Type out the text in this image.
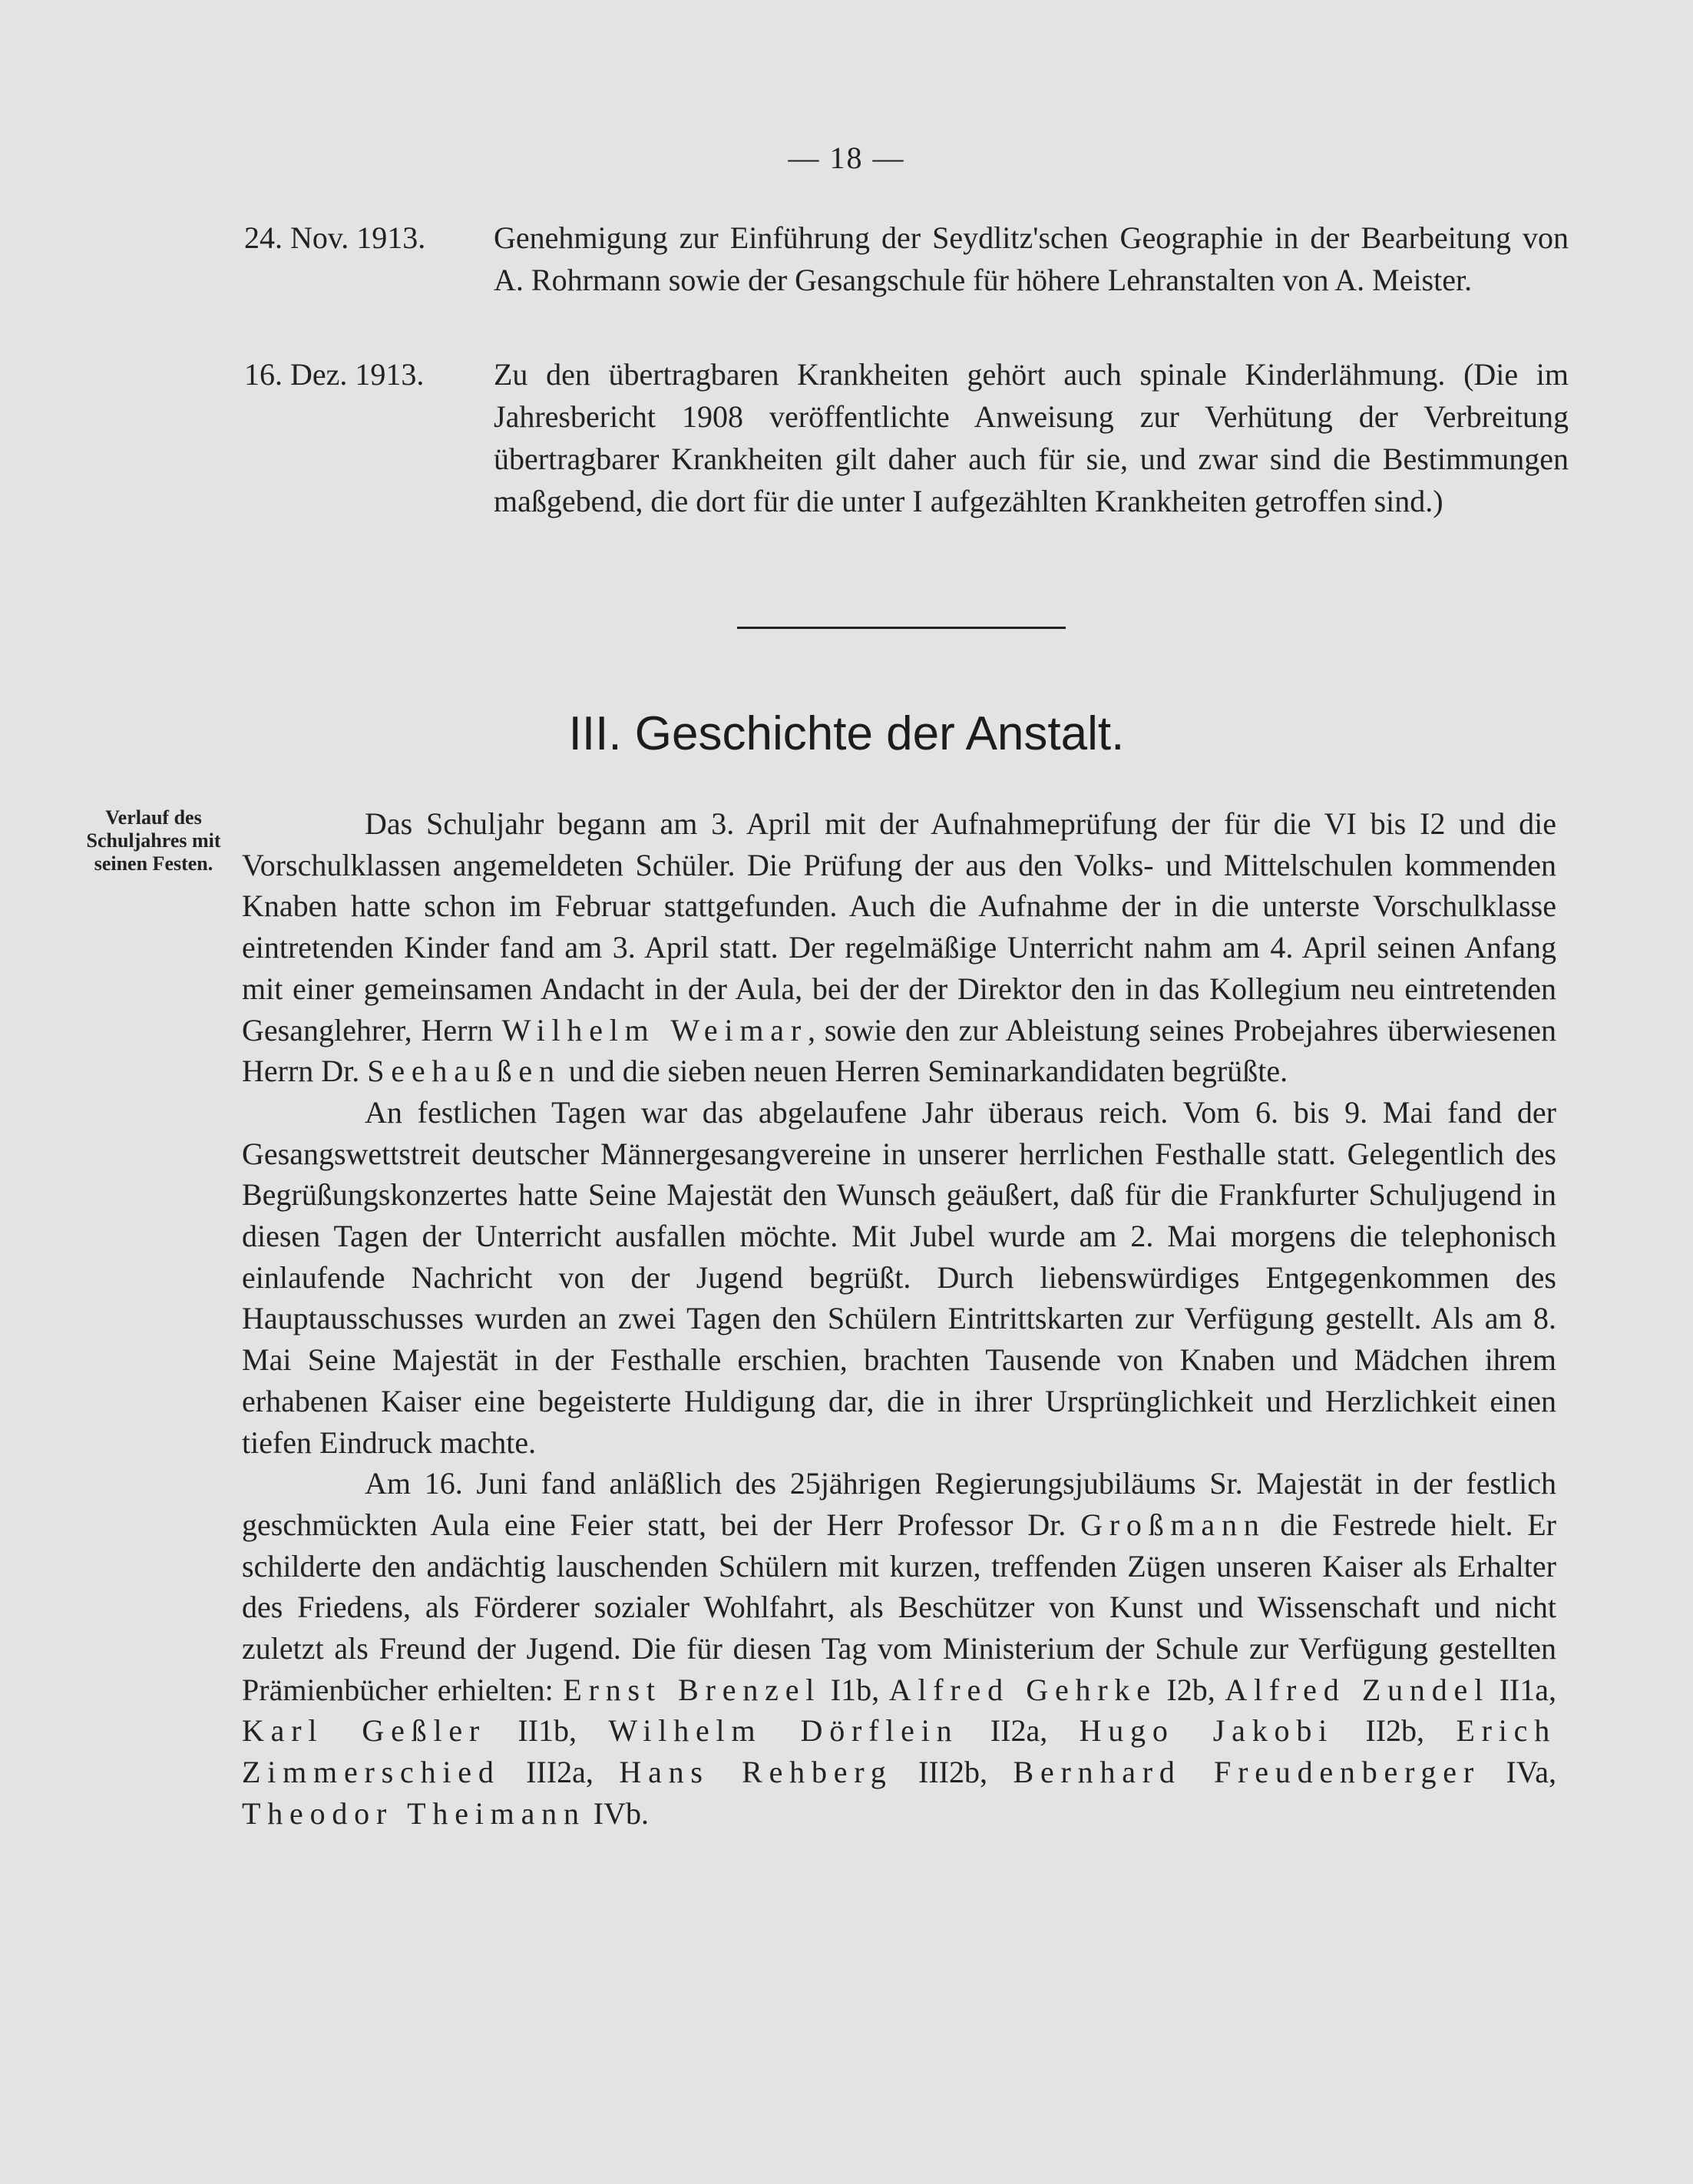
— 18 —
24. Nov. 1913.	Genehmigung zur Einführung der Seydlitz'schen Geographie in der Bearbeitung von A. Rohrmann sowie der Gesangschule für höhere Lehranstalten von A. Meister.
16. Dez. 1913.	Zu den übertragbaren Krankheiten gehört auch spinale Kinderlähmung. (Die im Jahresbericht 1908 veröffentlichte Anweisung zur Verhütung der Verbreitung übertragbarer Krankheiten gilt daher auch für sie, und zwar sind die Bestimmungen maßgebend, die dort für die unter I aufgezählten Krankheiten getroffen sind.)
III. Geschichte der Anstalt.
Verlauf des Schuljahres mit seinen Festen.

Das Schuljahr begann am 3. April mit der Aufnahmeprüfung der für die VI bis I2 und die Vorschulklassen angemeldeten Schüler. Die Prüfung der aus den Volks- und Mittelschulen kommenden Knaben hatte schon im Februar stattgefunden. Auch die Aufnahme der in die unterste Vorschulklasse eintretenden Kinder fand am 3. April statt. Der regelmäßige Unterricht nahm am 4. April seinen Anfang mit einer gemeinsamen Andacht in der Aula, bei der der Direktor den in das Kollegium neu eintretenden Gesanglehrer, Herrn Wilhelm Weimar, sowie den zur Ableistung seines Probejahres überwiesenen Herrn Dr. Seehaußen und die sieben neuen Herren Seminarkandidaten begrüßte.

An festlichen Tagen war das abgelaufene Jahr überaus reich. Vom 6. bis 9. Mai fand der Gesangswettstreit deutscher Männergesangvereine in unserer herrlichen Festhalle statt. Gelegentlich des Begrüßungskonzertes hatte Seine Majestät den Wunsch geäußert, daß für die Frankfurter Schuljugend in diesen Tagen der Unterricht ausfallen möchte. Mit Jubel wurde am 2. Mai morgens die telephonisch einlaufende Nachricht von der Jugend begrüßt. Durch liebenswürdiges Entgegenkommen des Hauptausschusses wurden an zwei Tagen den Schülern Eintrittskarten zur Verfügung gestellt. Als am 8. Mai Seine Majestät in der Festhalle erschien, brachten Tausende von Knaben und Mädchen ihrem erhabenen Kaiser eine begeisterte Huldigung dar, die in ihrer Ursprünglichkeit und Herzlichkeit einen tiefen Eindruck machte.

Am 16. Juni fand anläßlich des 25jährigen Regierungsjubiläums Sr. Majestät in der festlich geschmückten Aula eine Feier statt, bei der Herr Professor Dr. Großmann die Festrede hielt. Er schilderte den andächtig lauschenden Schülern mit kurzen, treffenden Zügen unseren Kaiser als Erhalter des Friedens, als Förderer sozialer Wohlfahrt, als Beschützer von Kunst und Wissenschaft und nicht zuletzt als Freund der Jugend. Die für diesen Tag vom Ministerium der Schule zur Verfügung gestellten Prämienbücher erhielten: Ernst Brenzel I1b, Alfred Gehrke I2b, Alfred Zundel II1a, Karl Geßler II1b, Wilhelm Dörflein II2a, Hugo Jakobi II2b, Erich Zimmerschied III2a, Hans Rehberg III2b, Bernhard Freudenberger IVa, Theodor Theimann IVb.
